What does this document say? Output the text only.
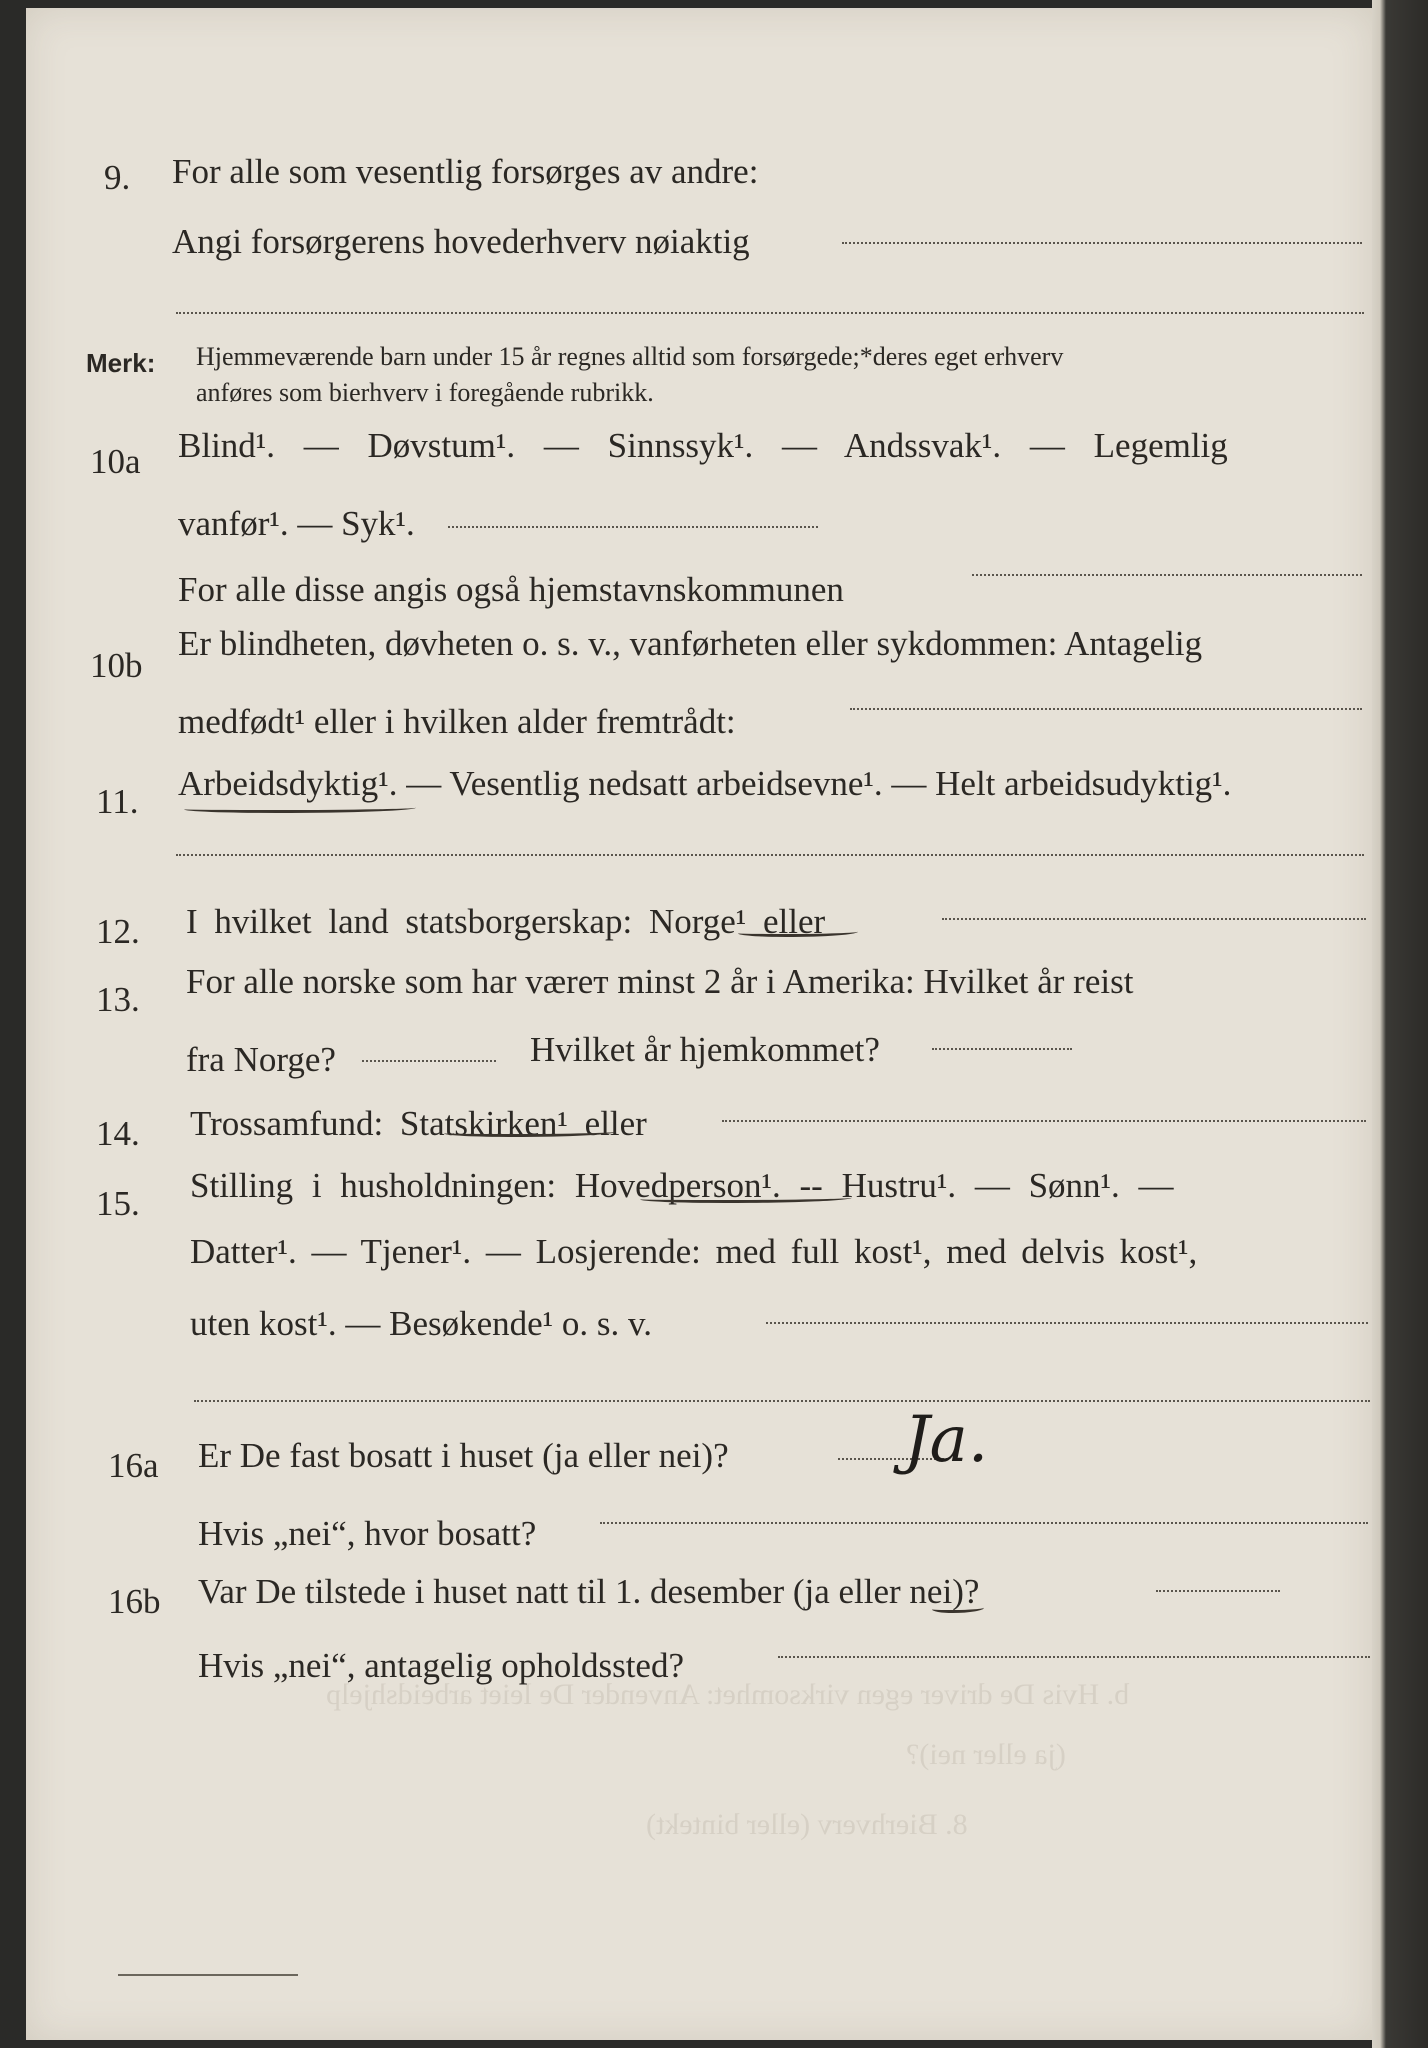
b. Hvis De driver egen virksomhet: Anvender De leiet arbeidshjelp
(ja eller nei)?
8. Bierhverv (eller bintekt)
9. For alle som vesentlig forsørges av andre:
Angi forsørgerens hovederhverv nøiaktig
Merk: Hjemmeværende barn under 15 år regnes alltid som forsørgede;*deres eget erhverv
anføres som bierhverv i foregående rubrikk.
10a Blind¹. — Døvstum¹. — Sinnssyk¹. — Andssvak¹. — Legemlig
vanfør¹. — Syk¹.
For alle disse angis også hjemstavnskommunen
10b
Er blindheten, døvheten o. s. v., vanførheten eller sykdommen: Antagelig
medfødt¹ eller i hvilken alder fremtrådt:
11. Arbeidsdyktig¹. — Vesentlig nedsatt arbeidsevne¹. — Helt arbeidsudyktig¹.
12. I hvilket land statsborgerskap: Norge¹ eller
13. For alle norske som har væreт minst 2 år i Amerika: Hvilket år reist
fra Norge?	Hvilket år hjemkommet?
14. Trossamfund: Statskirken¹ eller
15. Stilling i husholdningen: Hovedperson¹. -- Hustru¹. — Sønn¹. —
Datter¹. — Tjener¹. — Losjerende: med full kost¹, med delvis kost¹,
uten kost¹. — Besøkende¹ o. s. v.
16a Er De fast bosatt i huset (ja eller nei)?	Ja.
Hvis „nei“, hvor bosatt?
16b Var De tilstede i huset natt til 1. desember (ja eller nei)?
Hvis „nei“, antagelig opholdssted?
